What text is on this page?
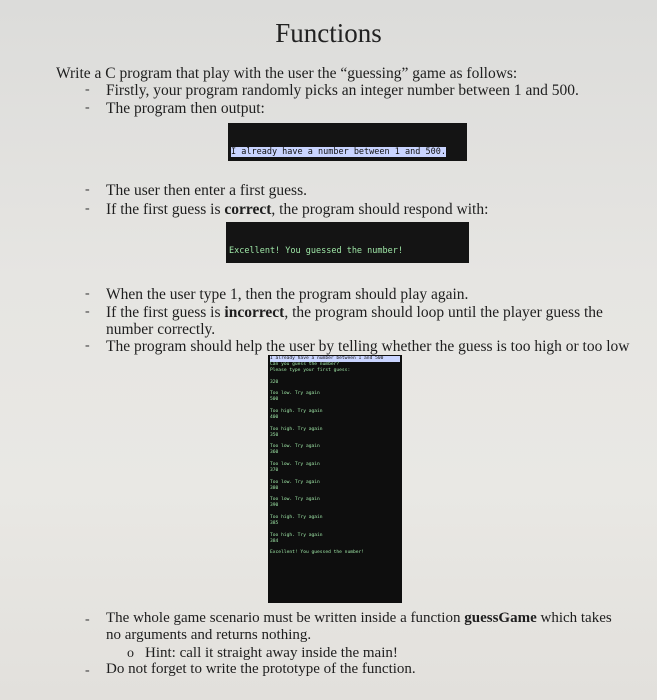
Functions
Write a C program that play with the user the “guessing” game as follows:
- Firstly, your program randomly picks an integer number between 1 and 500.
- The program then output:

I already have a number between 1 and 500.

- The user then enter a first guess.
- If the first guess is correct, the program should respond with:

Excellent! You guessed the number!

- When the user type 1, then the program should play again.
- If the first guess is incorrect, the program should loop until the player guess the
number correctly.
- The program should help the user by telling whether the guess is too high or too low
I already have a number between 1 and 500
Can you guess the number?
Please type your first guess:
320
Too low. Try again
500
Too high. Try again
400
Too high. Try again
350
Too low. Try again
360
Too low. Try again
370
Too low. Try again
380
Too low. Try again
390
Too high. Try again
385
Too high. Try again
384
Excellent! You guessed the number!
- The whole game scenario must be written inside a function guessGame which takes
no arguments and returns nothing.
o Hint: call it straight away inside the main!
- Do not forget to write the prototype of the function.
